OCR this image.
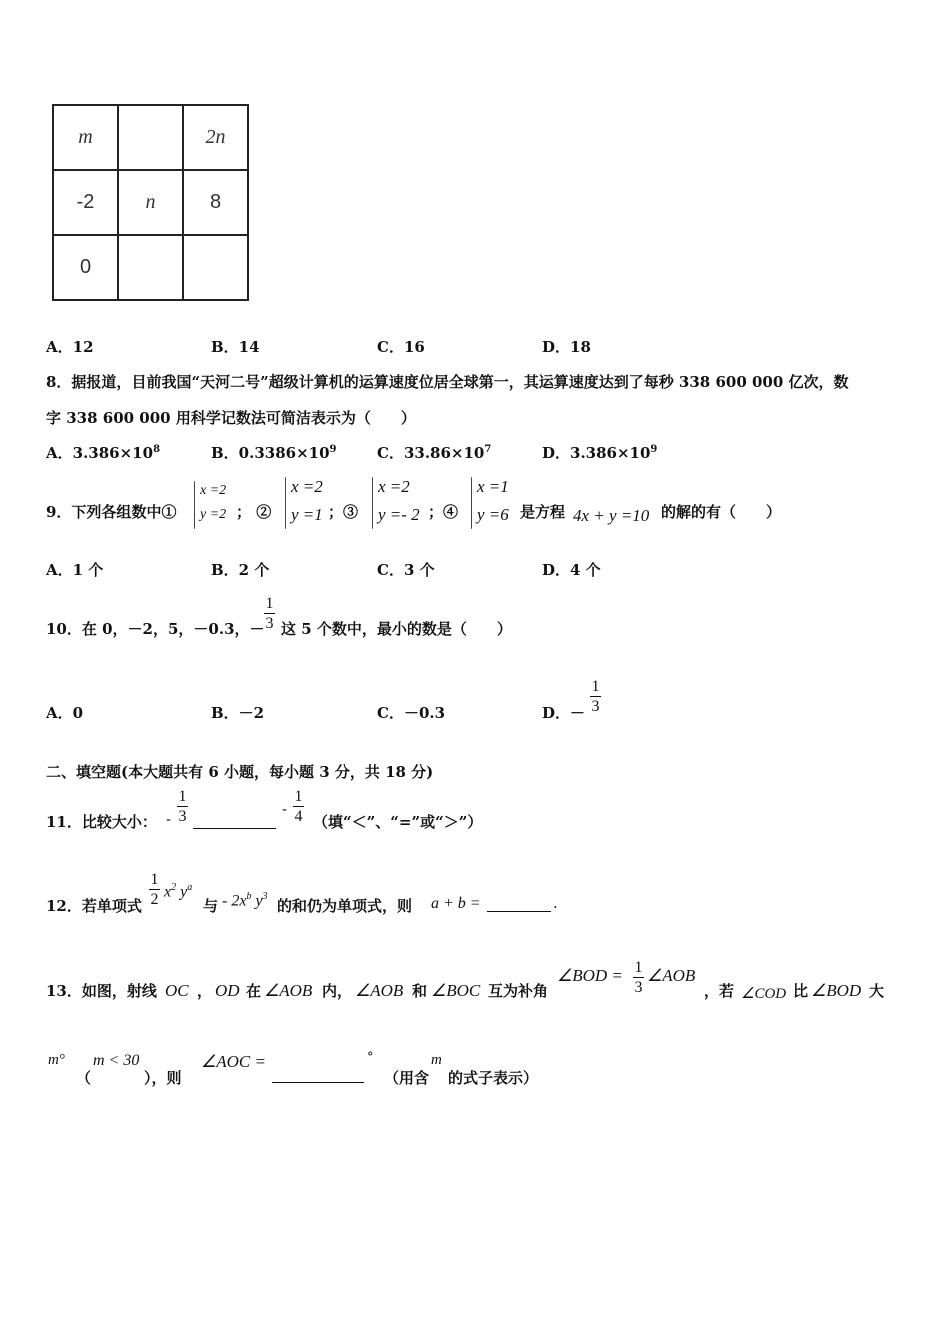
m		2n
-2	n	8
0		
A．12	B．14	C．16	D．18
8．据报道，目前我国“天河二号”超级计算机的运算速度位居全球第一，其运算速度达到了每秒 338 600 000 亿次，数
字 338 600 000 用科学记数法可简洁表示为（　　）
A．$3.386\times 10^8$	B．$0.3386\times 10^9$	C．$33.86\times 10^7$	D．$3.386\times 10^9$
9．下列各组数中①
x =2
y =2 ； ②
x =2
y =1 ；③
x =2
y =- 2 ；④
x =1
y =6 是方程 4x + y =10 的解的有（　　）
A．1 个	B．2 个	C．3 个	D．4 个
10．在 0，－2，5，－0.3，－
1
3 这 5 个数中，最小的数是（　　）
A．0	B．－2	C．－0.3	D．－
1
3
二、填空题(本大题共有 6 小题，每小题 3 分，共 18 分)
11．比较大小： -
1
3	-
1
4 （填“＜”、“=”或“＞”）
12．若单项式
1
2 $x^2$ $y^a$
与 - $2x^b$ $y^3$
的和仍为单项式，则 a + b =	.
13．如图，射线 OC ， OD 在 ∠AOB 内， ∠AOB 和 ∠BOC 互为补角
∠BOD = 1
3
∠AOB
，若 ∠COD 比 ∠BOD 大
m°
（
m < 30
），则
∠AOC =	°
（用含
m
的式子表示）
